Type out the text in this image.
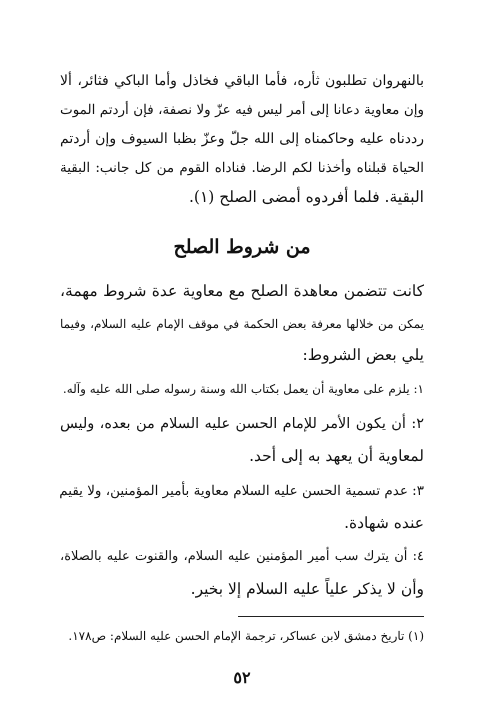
بالنهروان تطلبون ثأره، فأما الباقي فخاذل وأما الباكي فثائر، ألا
وإن معاوية دعانا إلى أمر ليس فيه عزّ ولا نصفة، فإن أردتم الموت
رددناه عليه وحاكمناه إلى الله جلّ وعزّ بظبا السيوف وإن أردتم
الحياة قبلناه وأخذنا لكم الرضا. فناداه القوم من كل جانب: البقية
البقية. فلما أفردوه أمضى الصلح (١).
من شروط الصلح
كانت تتضمن معاهدة الصلح مع معاوية عدة شروط مهمة،
يمكن من خلالها معرفة بعض الحكمة في موقف الإمام عليه السلام، وفيما
يلي بعض الشروط:
١: يلزم على معاوية أن يعمل بكتاب الله وسنة رسوله صلى الله عليه وآله.
٢: أن يكون الأمر للإمام الحسن عليه السلام من بعده، وليس
لمعاوية أن يعهد به إلى أحد.
٣: عدم تسمية الحسن عليه السلام معاوية بأمير المؤمنين، ولا يقيم
عنده شهادة.
٤: أن يترك سب أمير المؤمنين عليه السلام، والقنوت عليه بالصلاة،
وأن لا يذكر علياً عليه السلام إلا بخير.
(١) تاريخ دمشق لابن عساكر، ترجمة الإمام الحسن عليه السلام: ص١٧٨.
٥٢
